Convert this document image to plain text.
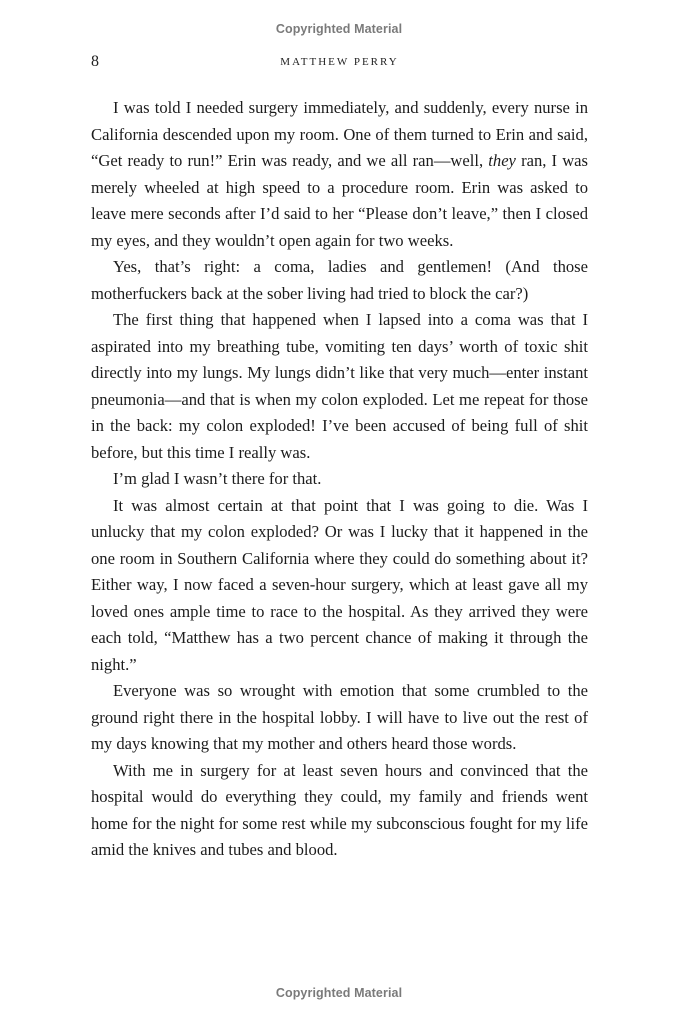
Copyrighted Material
8	MATTHEW PERRY

I was told I needed surgery immediately, and suddenly, every nurse in California descended upon my room. One of them turned to Erin and said, “Get ready to run!” Erin was ready, and we all ran—well, they ran, I was merely wheeled at high speed to a procedure room. Erin was asked to leave mere seconds after I’d said to her “Please don’t leave,” then I closed my eyes, and they wouldn’t open again for two weeks.

Yes, that’s right: a coma, ladies and gentlemen! (And those motherfuckers back at the sober living had tried to block the car?)

The first thing that happened when I lapsed into a coma was that I aspirated into my breathing tube, vomiting ten days’ worth of toxic shit directly into my lungs. My lungs didn’t like that very much—enter instant pneumonia—and that is when my colon exploded. Let me repeat for those in the back: my colon exploded! I’ve been accused of being full of shit before, but this time I really was.

I’m glad I wasn’t there for that.

It was almost certain at that point that I was going to die. Was I unlucky that my colon exploded? Or was I lucky that it happened in the one room in Southern California where they could do something about it? Either way, I now faced a seven-hour surgery, which at least gave all my loved ones ample time to race to the hospital. As they arrived they were each told, “Matthew has a two percent chance of making it through the night.”

Everyone was so wrought with emotion that some crumbled to the ground right there in the hospital lobby. I will have to live out the rest of my days knowing that my mother and others heard those words.

With me in surgery for at least seven hours and convinced that the hospital would do everything they could, my family and friends went home for the night for some rest while my subconscious fought for my life amid the knives and tubes and blood.

Copyrighted Material
